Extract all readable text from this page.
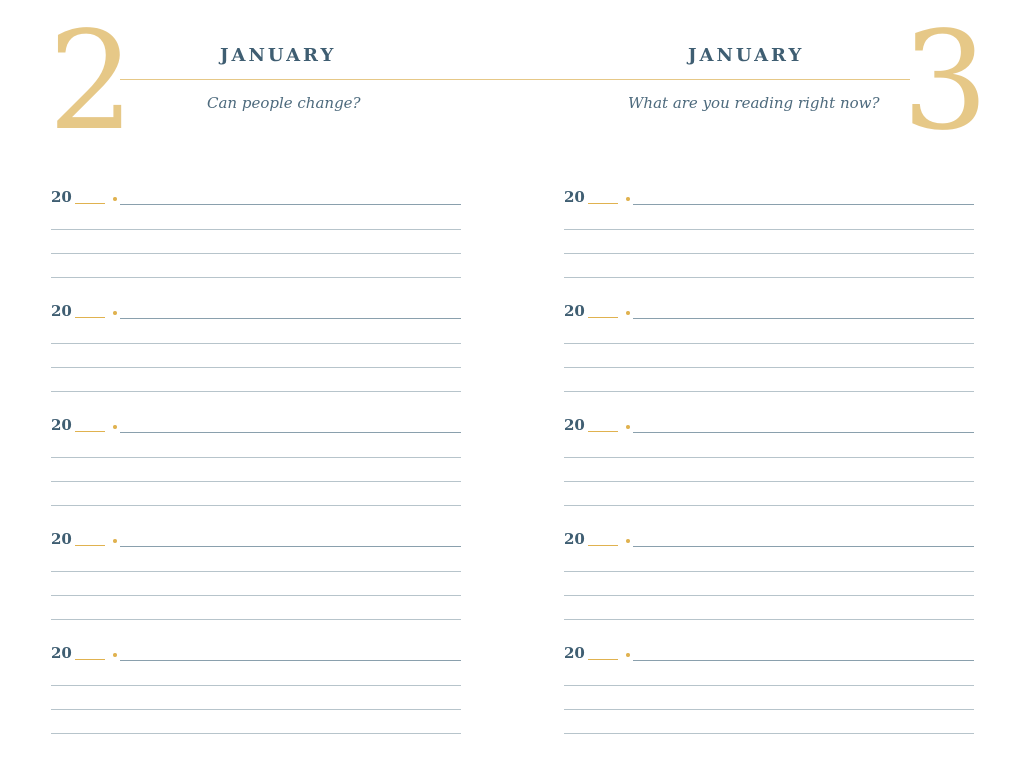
2	JANUARY
Can people change?
20
20
20
20
20
3
JANUARY
What are you reading right now?
20
20
20
20
20
